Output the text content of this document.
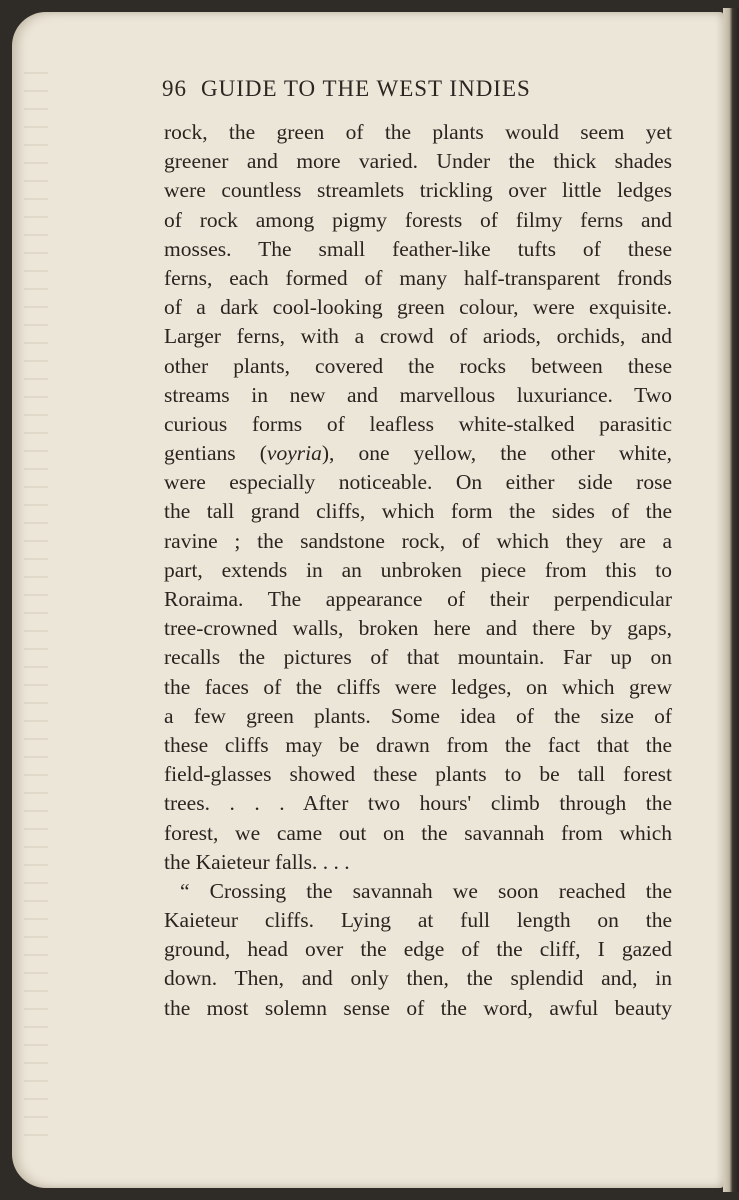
96 GUIDE TO THE WEST INDIES
rock, the green of the plants would seem yet
greener and more varied. Under the thick shades
were countless streamlets trickling over little ledges
of rock among pigmy forests of filmy ferns and
mosses. The small feather-like tufts of these
ferns, each formed of many half-transparent fronds
of a dark cool-looking green colour, were exquisite.
Larger ferns, with a crowd of ariods, orchids, and
other plants, covered the rocks between these
streams in new and marvellous luxuriance. Two
curious forms of leafless white-stalked parasitic
gentians (voyria), one yellow, the other white,
were especially noticeable. On either side rose
the tall grand cliffs, which form the sides of the
ravine ; the sandstone rock, of which they are a
part, extends in an unbroken piece from this to
Roraima. The appearance of their perpendicular
tree-crowned walls, broken here and there by gaps,
recalls the pictures of that mountain. Far up on
the faces of the cliffs were ledges, on which grew
a few green plants. Some idea of the size of
these cliffs may be drawn from the fact that the
field-glasses showed these plants to be tall forest
trees. . . . After two hours' climb through the
forest, we came out on the savannah from which
the Kaieteur falls. . . .
“ Crossing the savannah we soon reached the
Kaieteur cliffs. Lying at full length on the
ground, head over the edge of the cliff, I gazed
down. Then, and only then, the splendid and, in
the most solemn sense of the word, awful beauty
